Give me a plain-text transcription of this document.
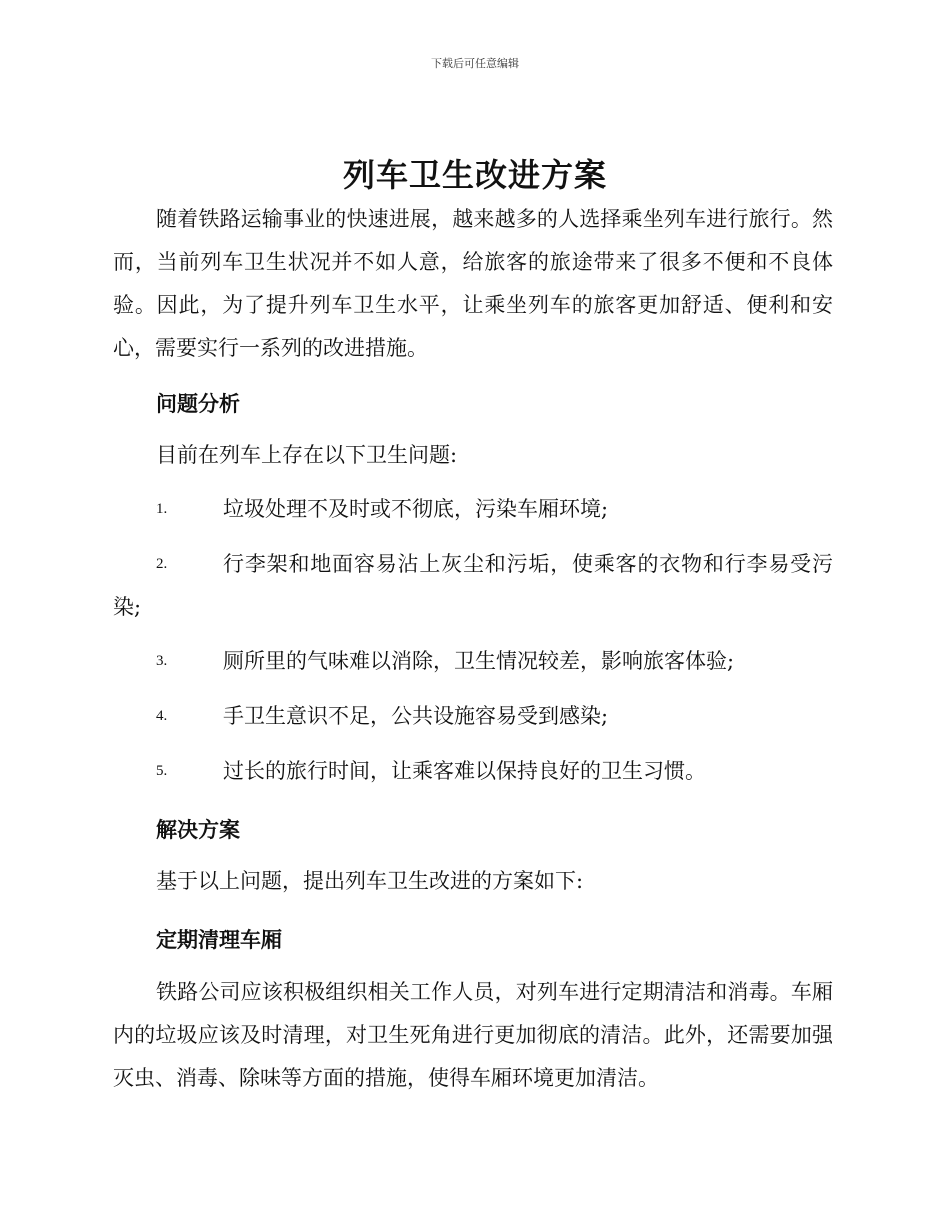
下载后可任意编辑
列车卫生改进方案
随着铁路运输事业的快速进展，越来越多的人选择乘坐列车进行旅行。然而，当前列车卫生状况并不如人意，给旅客的旅途带来了很多不便和不良体验。因此，为了提升列车卫生水平，让乘坐列车的旅客更加舒适、便利和安心，需要实行一系列的改进措施。
问题分析
目前在列车上存在以下卫生问题:
1.	垃圾处理不及时或不彻底，污染车厢环境;
2.	行李架和地面容易沾上灰尘和污垢，使乘客的衣物和行李易受污染;
3.	厕所里的气味难以消除，卫生情况较差，影响旅客体验;
4.	手卫生意识不足，公共设施容易受到感染;
5.	过长的旅行时间，让乘客难以保持良好的卫生习惯。
解决方案
基于以上问题，提出列车卫生改进的方案如下:
定期清理车厢
铁路公司应该积极组织相关工作人员，对列车进行定期清洁和消毒。车厢内的垃圾应该及时清理，对卫生死角进行更加彻底的清洁。此外，还需要加强灭虫、消毒、除味等方面的措施，使得车厢环境更加清洁。
